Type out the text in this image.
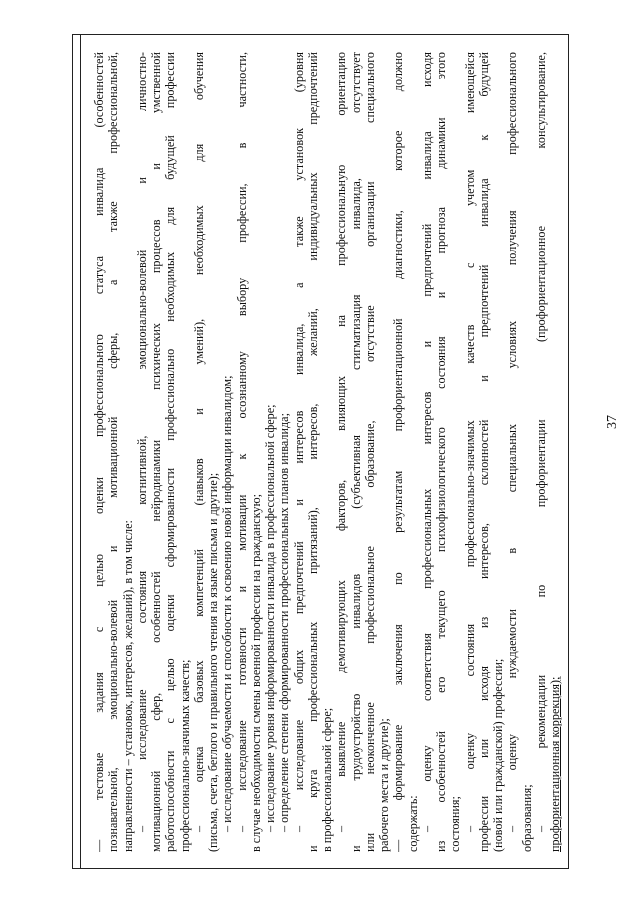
37
— тестовые задания с целью оценки профессионального статуса инвалида (особенностей познавательной, эмоционально-волевой и мотивационной сферы, а также профессиональной, направленности – установок, интересов, желаний), в том числе: – исследование состояния когнитивной, эмоционально-волевой и личностно- мотивационной сфер, особенностей нейродинамики психических процессов и умственной работоспособности с целью оценки сформированности профессионально необходимых для будущей профессии профессионально-значимых качеств; – оценка базовых компетенций (навыков и умений), необходимых для обучения (письма, счета, беглого и правильного чтения на языке письма и другие); – исследование обучаемости и способности к освоению новой информации инвалидом; – исследование готовности и мотивации к осознанному выбору профессии, в частности, в случае необходимости смены военной профессии на гражданскую; – исследование уровня информированности инвалида в профессиональной сфере; – определение степени сформированности профессиональных планов инвалида; – исследование общих предпочтений и интересов инвалида, а также установок (уровня и круга профессиональных притязаний), интересов, желаний, индивидуальных предпочтений в профессиональной сфере; – выявление демотивирующих факторов, влияющих на профессиональную ориентацию и трудоустройство инвалидов (субъективная стигматизация инвалида, отсутствует или неоконченное профессиональное образование, отсутствие организации специального рабочего места и другие); — формирование заключения по результатам профориентационной диагностики, которое должно содержать: – оценку соответствия профессиональных интересов и предпочтений инвалида исходя из особенностей его текущего психофизиологического состояния и прогноза динамики этого состояния; – оценку состояния профессионально-значимых качеств с учетом имеющейся профессии или исходя из интересов, склонностей и предпочтений инвалида к будущей (новой или гражданской) профессии; – оценку нуждаемости в специальных условиях получения профессионального образования; – рекомендации по профориентации (профориентационное консультирование, профориентационная коррекция);
